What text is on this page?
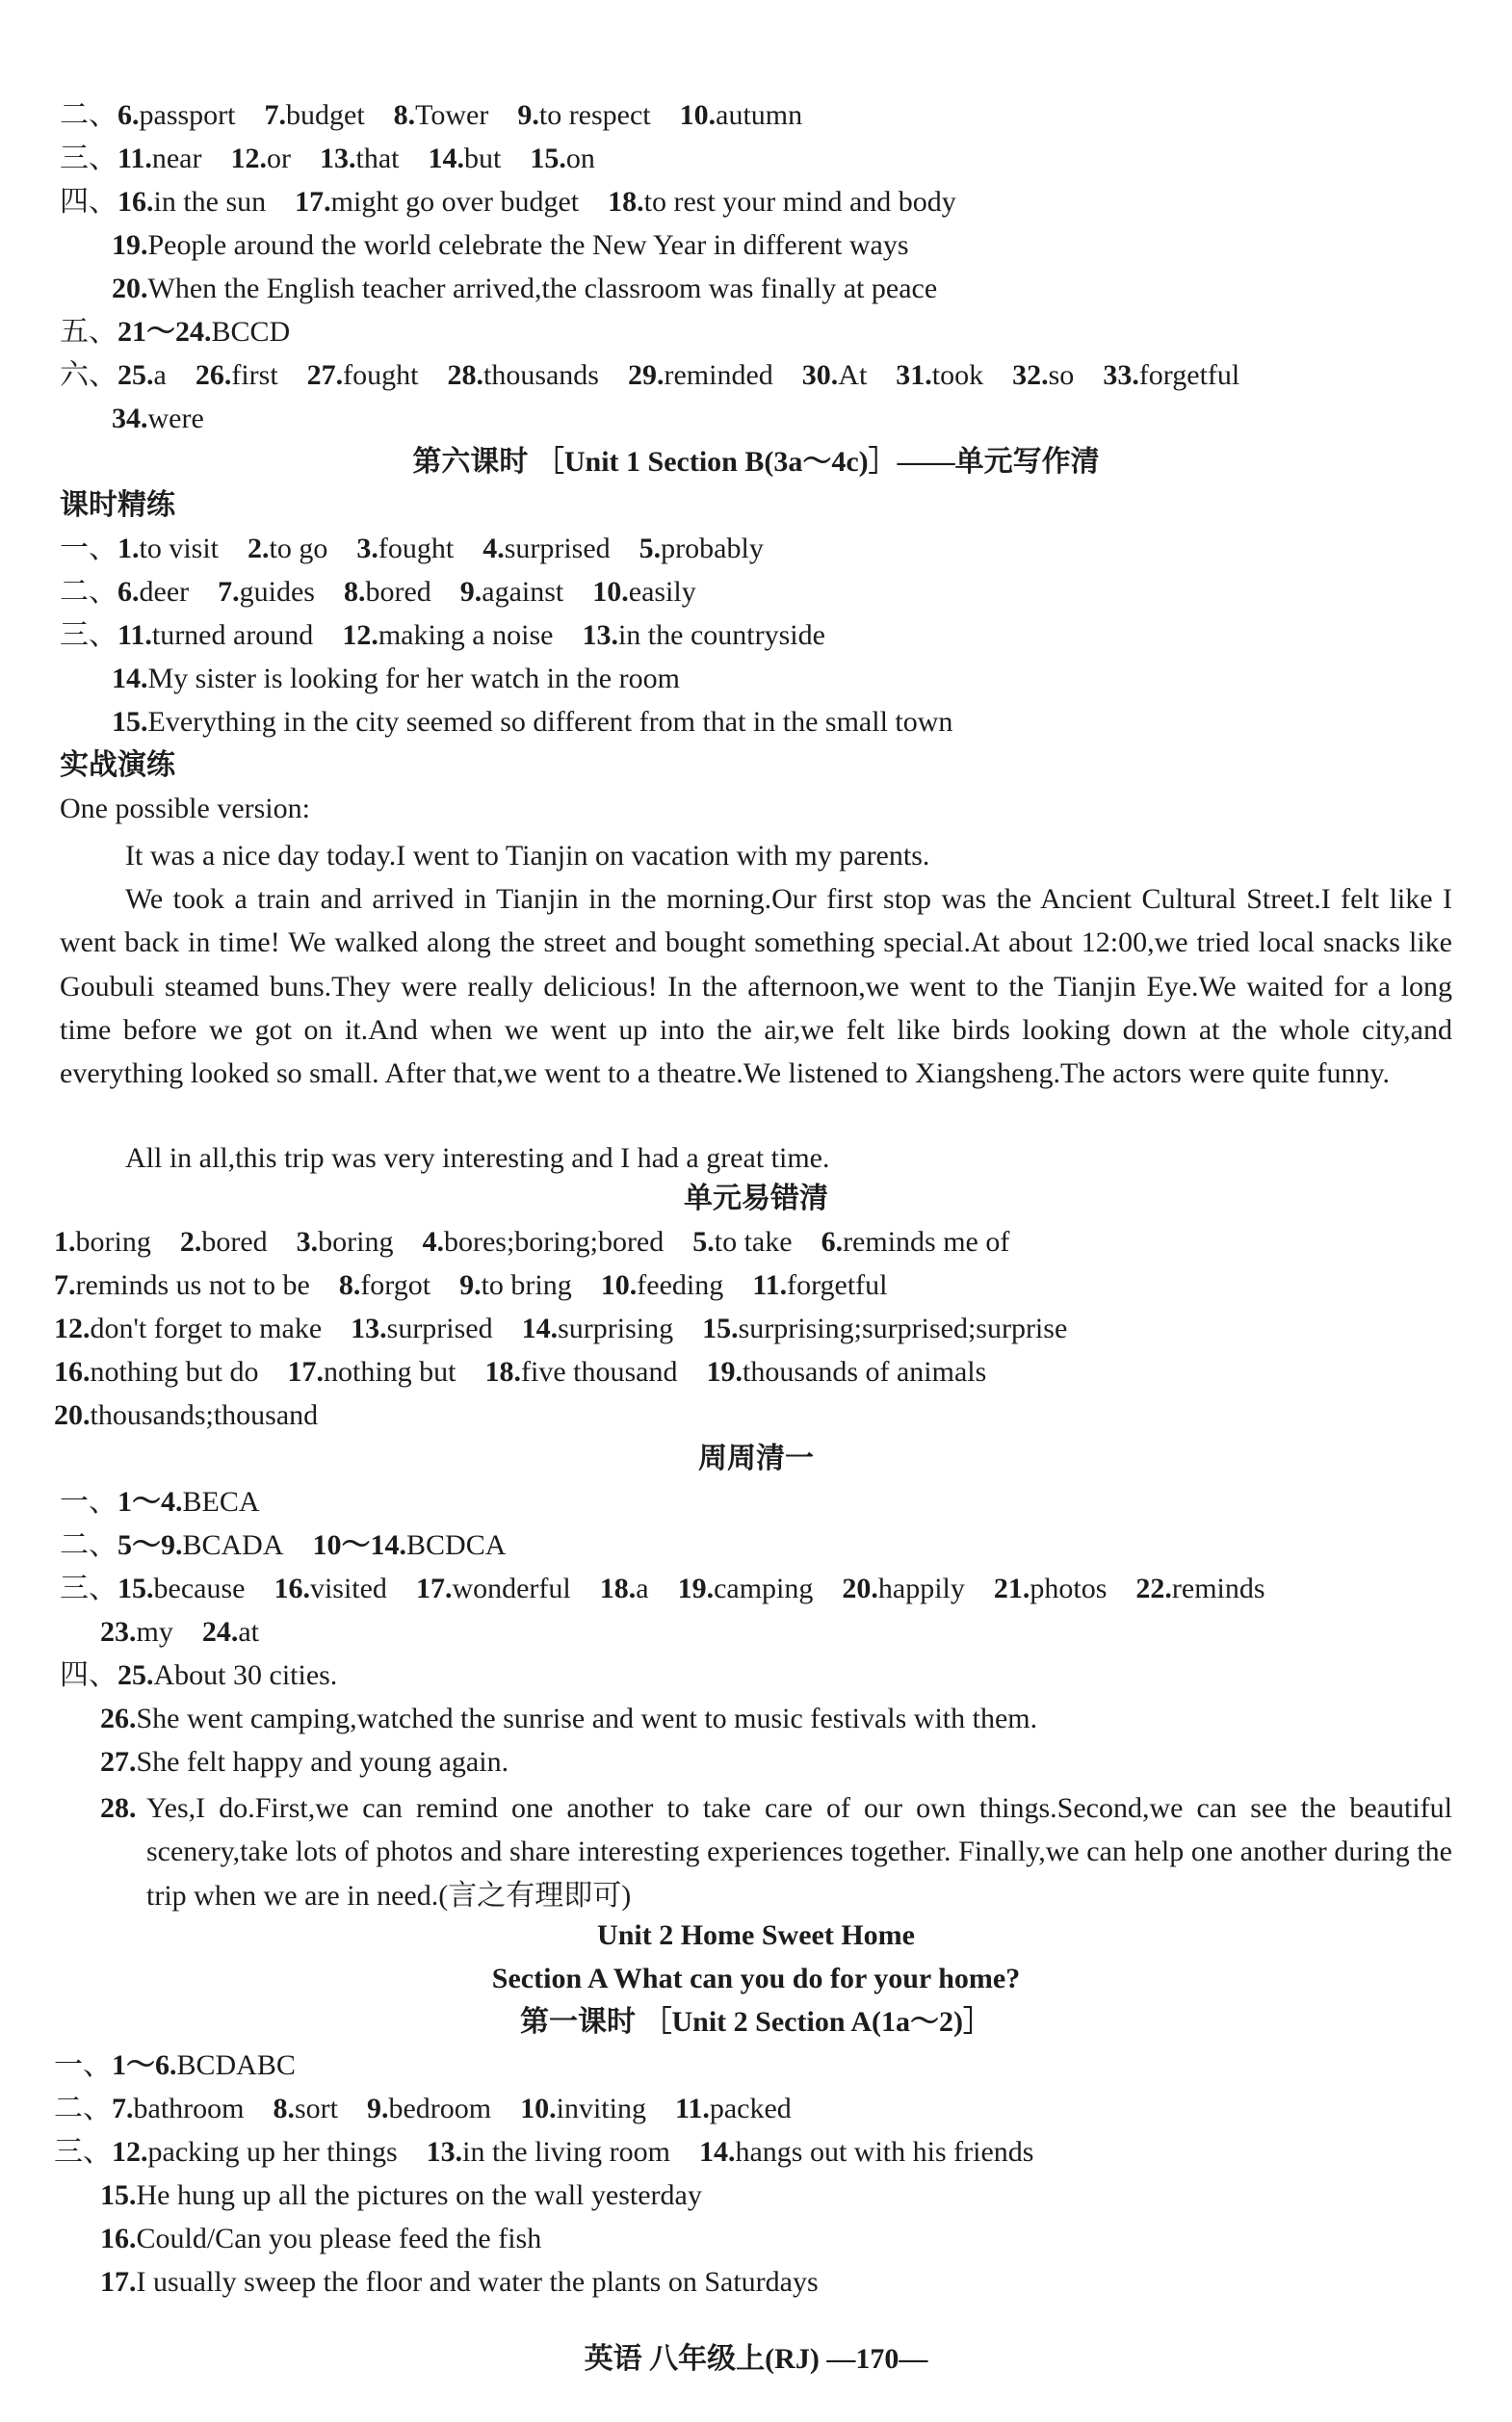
二、6.passport 7.budget 8.Tower 9.to respect 10.autumn
三、11.near 12.or 13.that 14.but 15.on
四、16.in the sun 17.might go over budget 18.to rest your mind and body
19.People around the world celebrate the New Year in different ways
20.When the English teacher arrived,the classroom was finally at peace
五、21～24.BCCD
六、25.a 26.first 27.fought 28.thousands 29.reminded 30.At 31.took 32.so 33.forgetful
34.were
第六课时 ［Unit 1 Section B(3a～4c)］——单元写作清
课时精练
一、1.to visit 2.to go 3.fought 4.surprised 5.probably
二、6.deer 7.guides 8.bored 9.against 10.easily
三、11.turned around 12.making a noise 13.in the countryside
14.My sister is looking for her watch in the room
15.Everything in the city seemed so different from that in the small town
实战演练
One possible version:
It was a nice day today.I went to Tianjin on vacation with my parents.
We took a train and arrived in Tianjin in the morning.Our first stop was the Ancient Cultural Street.I felt like I went back in time! We walked along the street and bought something special.At about 12:00,we tried local snacks like Goubuli steamed buns.They were really delicious! In the afternoon,we went to the Tianjin Eye.We waited for a long time before we got on it.And when we went up into the air,we felt like birds looking down at the whole city,and everything looked so small. After that,we went to a theatre.We listened to Xiangsheng.The actors were quite funny.
All in all,this trip was very interesting and I had a great time.
单元易错清
1.boring 2.bored 3.boring 4.bores;boring;bored 5.to take 6.reminds me of
7.reminds us not to be 8.forgot 9.to bring 10.feeding 11.forgetful
12.don't forget to make 13.surprised 14.surprising 15.surprising;surprised;surprise
16.nothing but do 17.nothing but 18.five thousand 19.thousands of animals
20.thousands;thousand
周周清一
一、1～4.BECA
二、5～9.BCADA 10～14.BCDCA
三、15.because 16.visited 17.wonderful 18.a 19.camping 20.happily 21.photos 22.reminds
23.my 24.at
四、25.About 30 cities.
26.She went camping,watched the sunrise and went to music festivals with them.
27.She felt happy and young again.
28. Yes,I do.First,we can remind one another to take care of our own things.Second,we can see the beautiful scenery,take lots of photos and share interesting experiences together. Finally,we can help one another during the trip when we are in need.(言之有理即可)
Unit 2 Home Sweet Home
Section A What can you do for your home?
第一课时 ［Unit 2 Section A(1a～2)］
一、1～6.BCDABC
二、7.bathroom 8.sort 9.bedroom 10.inviting 11.packed
三、12.packing up her things 13.in the living room 14.hangs out with his friends
15.He hung up all the pictures on the wall yesterday
16.Could/Can you please feed the fish
17.I usually sweep the floor and water the plants on Saturdays
英语 八年级上(RJ) —170—
